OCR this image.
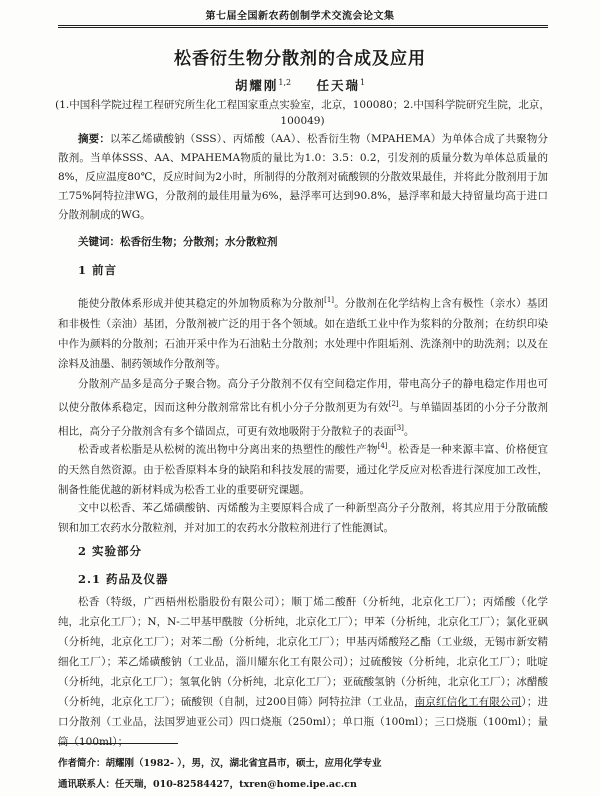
第七届全国新农药创制学术交流会论文集
松香衍生物分散剂的合成及应用
胡耀刚$^{1,2}$ 任天瑞$^1$
(1.中国科学院过程工程研究所生化工程国家重点实验室，北京，100080；2.中国科学院研究生院，北京，100049)
摘要：以苯乙烯磺酸钠（SSS）、丙烯酸（AA）、松香衍生物（MPAHEMA）为单体合成了共聚物分散剂。当单体SSS、AA、MPAHEMA物质的量比为1.0：3.5：0.2，引发剂的质量分数为单体总质量的8%，反应温度80℃，反应时间为2小时，所制得的分散剂对硫酸钡的分散效果最佳，并将此分散剂用于加工75%阿特拉津WG，分散剂的最佳用量为6%，悬浮率可达到90.8%，悬浮率和最大持留量均高于进口分散剂制成的WG。
关键词：松香衍生物；分散剂；水分散粒剂
1 前言
能使分散体系形成并使其稳定的外加物质称为分散剂[1]。分散剂在化学结构上含有极性（亲水）基团和非极性（亲油）基团，分散剂被广泛的用于各个领域。如在造纸工业中作为浆料的分散剂；在纺织印染中作为颜料的分散剂；石油开采中作为石油粘土分散剂；水处理中作阻垢剂、洗涤剂中的助洗剂；以及在涂料及油墨、制药领域作分散剂等。
分散剂产品多是高分子聚合物。高分子分散剂不仅有空间稳定作用，带电高分子的静电稳定作用也可以使分散体系稳定，因而这种分散剂常常比有机小分子分散剂更为有效[2]。与单锚固基团的小分子分散剂相比，高分子分散剂含有多个锚固点，可更有效地吸附于分散粒子的表面[3]。
松香或者松脂是从松树的流出物中分离出来的热塑性的酸性产物[4]。松香是一种来源丰富、价格便宜的天然自然资源。由于松香原料本身的缺陷和科技发展的需要，通过化学反应对松香进行深度加工改性，制备性能优越的新材料成为松香工业的重要研究课题。
文中以松香、苯乙烯磺酸钠、丙烯酸为主要原料合成了一种新型高分子分散剂，将其应用于分散硫酸钡和加工农药水分散粒剂，并对加工的农药水分散粒剂进行了性能测试。
2 实验部分
2.1 药品及仪器
松香（特级，广西梧州松脂股份有限公司）；顺丁烯二酸酐（分析纯，北京化工厂）；丙烯酸（化学纯，北京化工厂）；N，N-二甲基甲酰胺（分析纯，北京化工厂）；甲苯（分析纯，北京化工厂）；氯化亚砜（分析纯，北京化工厂）；对苯二酚（分析纯，北京化工厂）；甲基丙烯酸羟乙酯（工业级，无锡市新安精细化工厂）；苯乙烯磺酸钠（工业品，淄川耀东化工有限公司）；过硫酸铵（分析纯，北京化工厂）；吡啶（分析纯，北京化工厂）；氢氧化钠（分析纯，北京化工厂）；亚硫酸氢钠（分析纯，北京化工厂）；冰醋酸（分析纯，北京化工厂）；硫酸钡（自制，过200目筛）阿特拉津（工业品，南京红信化工有限公司）；进口分散剂（工业品，法国罗迪亚公司）四口烧瓶（250ml）；单口瓶（100ml）；三口烧瓶（100ml）；量筒（100ml）；
作者简介：胡耀刚（1982- ），男，汉，湖北省宜昌市，硕士，应用化学专业
通讯联系人：任天瑞，010-82584427，txren@home.ipe.ac.cn
